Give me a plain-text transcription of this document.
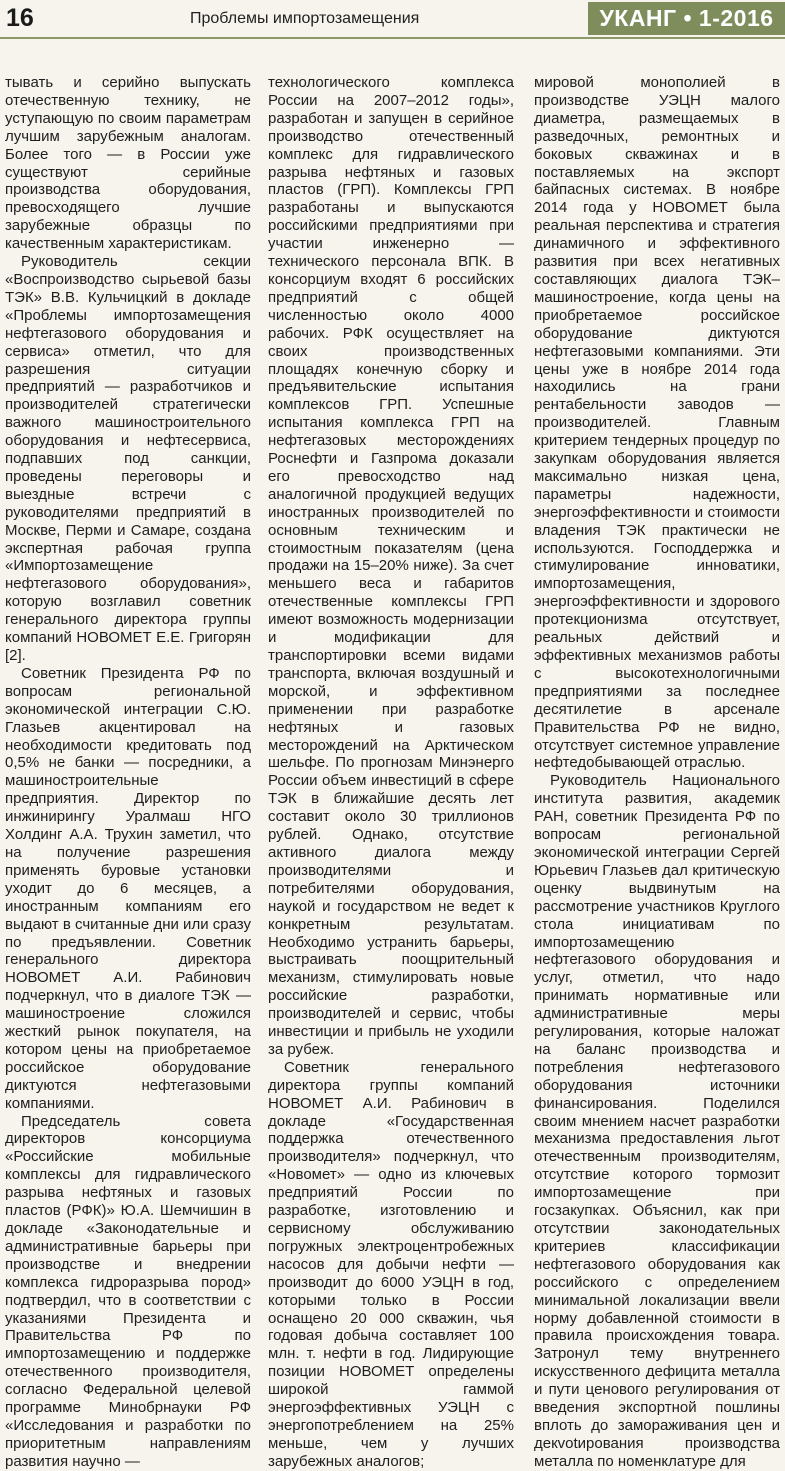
16	Проблемы импортозамещения	УКАНГ • 1-2016

тывать и серийно выпускать отечественную технику, не уступающую по своим параметрам лучшим зарубежным аналогам. Более того — в России уже существуют серийные производства оборудования, превосходящего лучшие зарубежные образцы по качественным характеристикам.

Руководитель секции «Воспроизводство сырьевой базы ТЭК» В.В. Кульчицкий в докладе «Проблемы импортозамещения нефтегазового оборудования и сервиса» отметил, что для разрешения ситуации предприятий — разработчиков и производителей стратегически важного машиностроительного оборудования и нефтесервиса, подпавших под санкции, проведены переговоры и выездные встречи с руководителями предприятий в Москве, Перми и Самаре, создана экспертная рабочая группа «Импортозамещение нефтегазового оборудования», которую возглавил советник генерального директора группы компаний НОВОМЕТ Е.Е. Григорян [2].

Советник Президента РФ по вопросам региональной экономической интеграции С.Ю. Глазьев акцентировал на необходимости кредитовать под 0,5% не банки — посредники, а машиностроительные предприятия. Директор по инжинирингу Уралмаш НГО Холдинг А.А. Трухин заметил, что на получение разрешения применять буровые установки уходит до 6 месяцев, а иностранным компаниям его выдают в считанные дни или сразу по предъявлении. Советник генерального директора НОВОМЕТ А.И. Рабинович подчеркнул, что в диалоге ТЭК — машиностроение сложился жесткий рынок покупателя, на котором цены на приобретаемое российское оборудование диктуются нефтегазовыми компаниями.

Председатель совета директоров консорциума «Российские мобильные комплексы для гидравлического разрыва нефтяных и газовых пластов (РФК)» Ю.А. Шемчишин в докладе «Законодательные и административные барьеры при производстве и внедрении комплекса гидроразрыва пород» подтвердил, что в соответствии с указаниями Президента и Правительства РФ по импортозамещению и поддержке отечественного производителя, согласно Федеральной целевой программе Минобрнауки РФ «Исследования и разработки по приоритетным направлениям развития научно —

технологического комплекса России на 2007–2012 годы», разработан и запущен в серийное производство отечественный комплекс для гидравлического разрыва нефтяных и газовых пластов (ГРП). Комплексы ГРП разработаны и выпускаются российскими предприятиями при участии инженерно — технического персонала ВПК. В консорциум входят 6 российских предприятий с общей численностью около 4000 рабочих. РФК осуществляет на своих производственных площадях конечную сборку и предъявительские испытания комплексов ГРП. Успешные испытания комплекса ГРП на нефтегазовых месторождениях Роснефти и Газпрома доказали его превосходство над аналогичной продукцией ведущих иностранных производителей по основным техническим и стоимостным показателям (цена продажи на 15–20% ниже). За счет меньшего веса и габаритов отечественные комплексы ГРП имеют возможность модернизации и модификации для транспортировки всеми видами транспорта, включая воздушный и морской, и эффективном применении при разработке нефтяных и газовых месторождений на Арктическом шельфе. По прогнозам Минэнерго России объем инвестиций в сфере ТЭК в ближайшие десять лет составит около 30 триллионов рублей. Однако, отсутствие активного диалога между производителями и потребителями оборудования, наукой и государством не ведет к конкретным результатам. Необходимо устранить барьеры, выстраивать поощрительный механизм, стимулировать новые российские разработки, производителей и сервис, чтобы инвестиции и прибыль не уходили за рубеж.

Советник генерального директора группы компаний НОВОМЕТ А.И. Рабинович в докладе «Государственная поддержка отечественного производителя» подчеркнул, что «Новомет» — одно из ключевых предприятий России по разработке, изготовлению и сервисному обслуживанию погружных электроцентробежных насосов для добычи нефти — производит до 6000 УЭЦН в год, которыми только в России оснащено 20 000 скважин, чья годовая добыча составляет 100 млн. т. нефти в год. Лидирующие позиции НОВОМЕТ определены широкой гаммой энергоэффективных УЭЦН с энергопотреблением на 25% меньше, чем у лучших зарубежных аналогов;

мировой монополией в производстве УЭЦН малого диаметра, размещаемых в разведочных, ремонтных и боковых скважинах и в поставляемых на экспорт байпасных системах. В ноябре 2014 года у НОВОМЕТ была реальная перспектива и стратегия динамичного и эффективного развития при всех негативных составляющих диалога ТЭК–машиностроение, когда цены на приобретаемое российское оборудование диктуются нефтегазовыми компаниями. Эти цены уже в ноябре 2014 года находились на грани рентабельности заводов — производителей. Главным критерием тендерных процедур по закупкам оборудования является максимально низкая цена, параметры надежности, энергоэффективности и стоимости владения ТЭК практически не используются. Господдержка и стимулирование инноватики, импортозамещения, энергоэффективности и здорового протекционизма отсутствует, реальных действий и эффективных механизмов работы с высокотехнологичными предприятиями за последнее десятилетие в арсенале Правительства РФ не видно, отсутствует системное управление нефтедобывающей отраслью.

Руководитель Национального института развития, академик РАН, советник Президента РФ по вопросам региональной экономической интеграции Сергей Юрьевич Глазьев дал критическую оценку выдвинутым на рассмотрение участников Круглого стола инициативам по импортозамещению нефтегазового оборудования и услуг, отметил, что надо принимать нормативные или административные меры регулирования, которые наложат на баланс производства и потребления нефтегазового оборудования источники финансирования. Поделился своим мнением насчет разработки механизма предоставления льгот отечественным производителям, отсутствие которого тормозит импортозамещение при госзакупках. Объяснил, как при отсутствии законодательных критериев классификации нефтегазового оборудования как российского с определением минимальной локализации ввели норму добавленной стоимости в правила происхождения товара. Затронул тему внутреннего искусственного дефицита металла и пути ценового регулирования от введения экспортной пошлины вплоть до замораживания цен и декvotирования производства металла по номенклатуре для
